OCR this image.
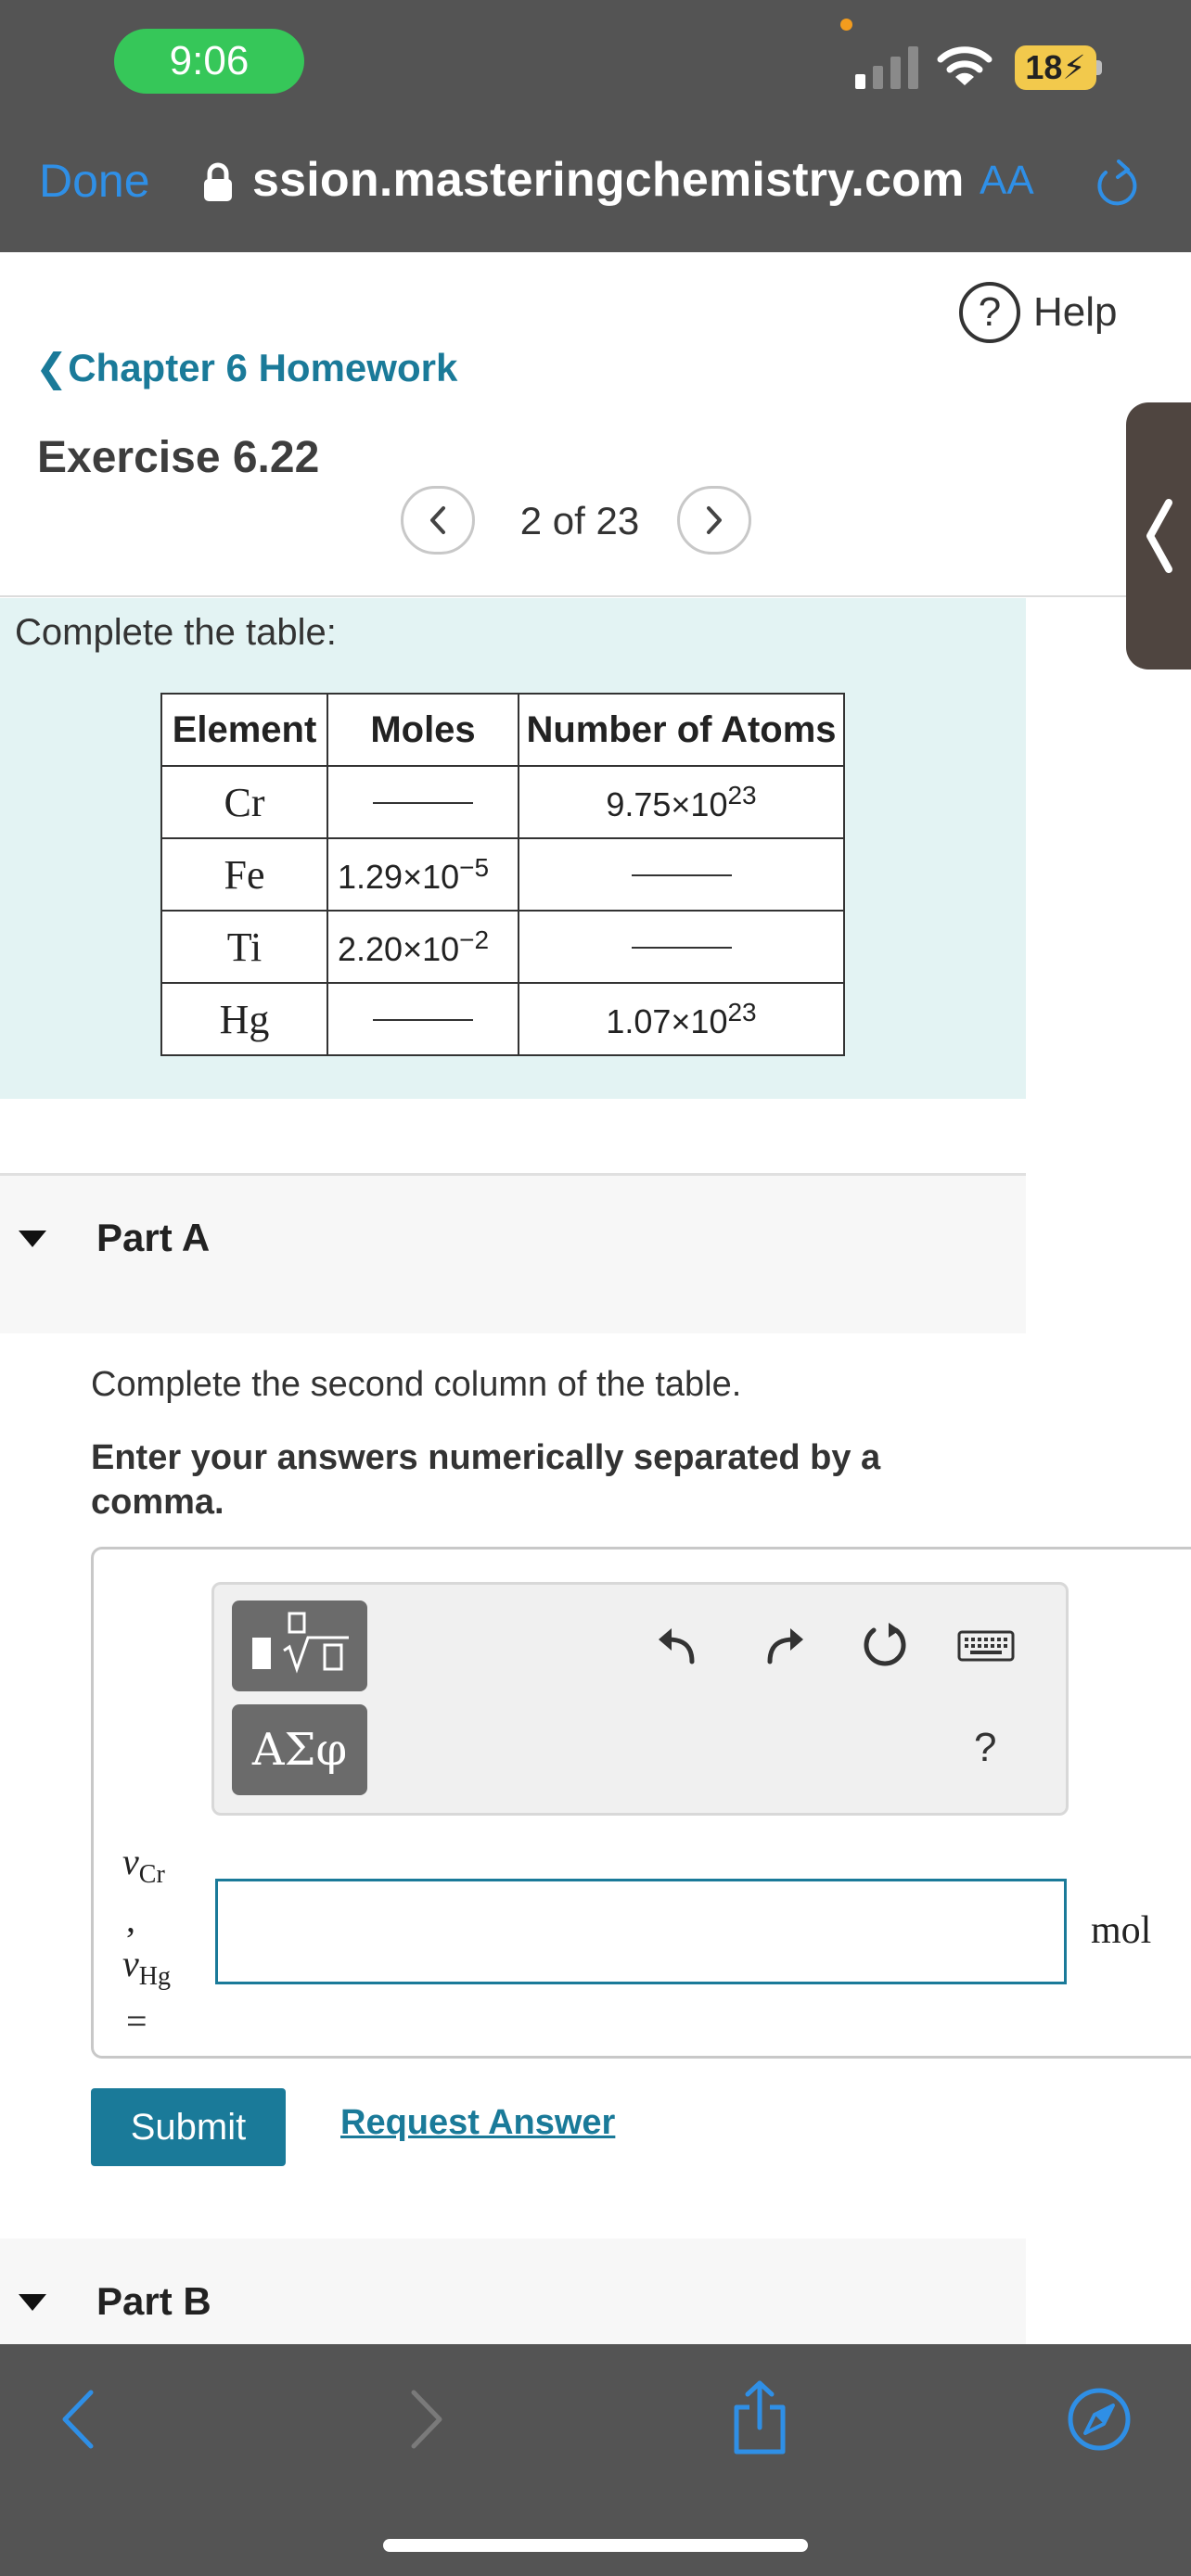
9:06	18⚡
Done ssion.masteringchemistry.com AA
? Help
❮Chapter 6 Homework
Exercise 6.22
2 of 23
Complete the table:
Element	Moles	Number of Atoms
Cr		$9.75\times 10^{23}$
Fe	$1.29\times 10^{-5}$	
Ti	$2.20\times 10^{-2}$	
Hg		$1.07\times 10^{23}$
Part A
Complete the second column of the table.
Enter your answers numerically separated by a comma.
ΑΣφ	?
$\nu_{Cr}$
,
$\nu_{Hg}$
=
mol
Submit	Request Answer
Part B
